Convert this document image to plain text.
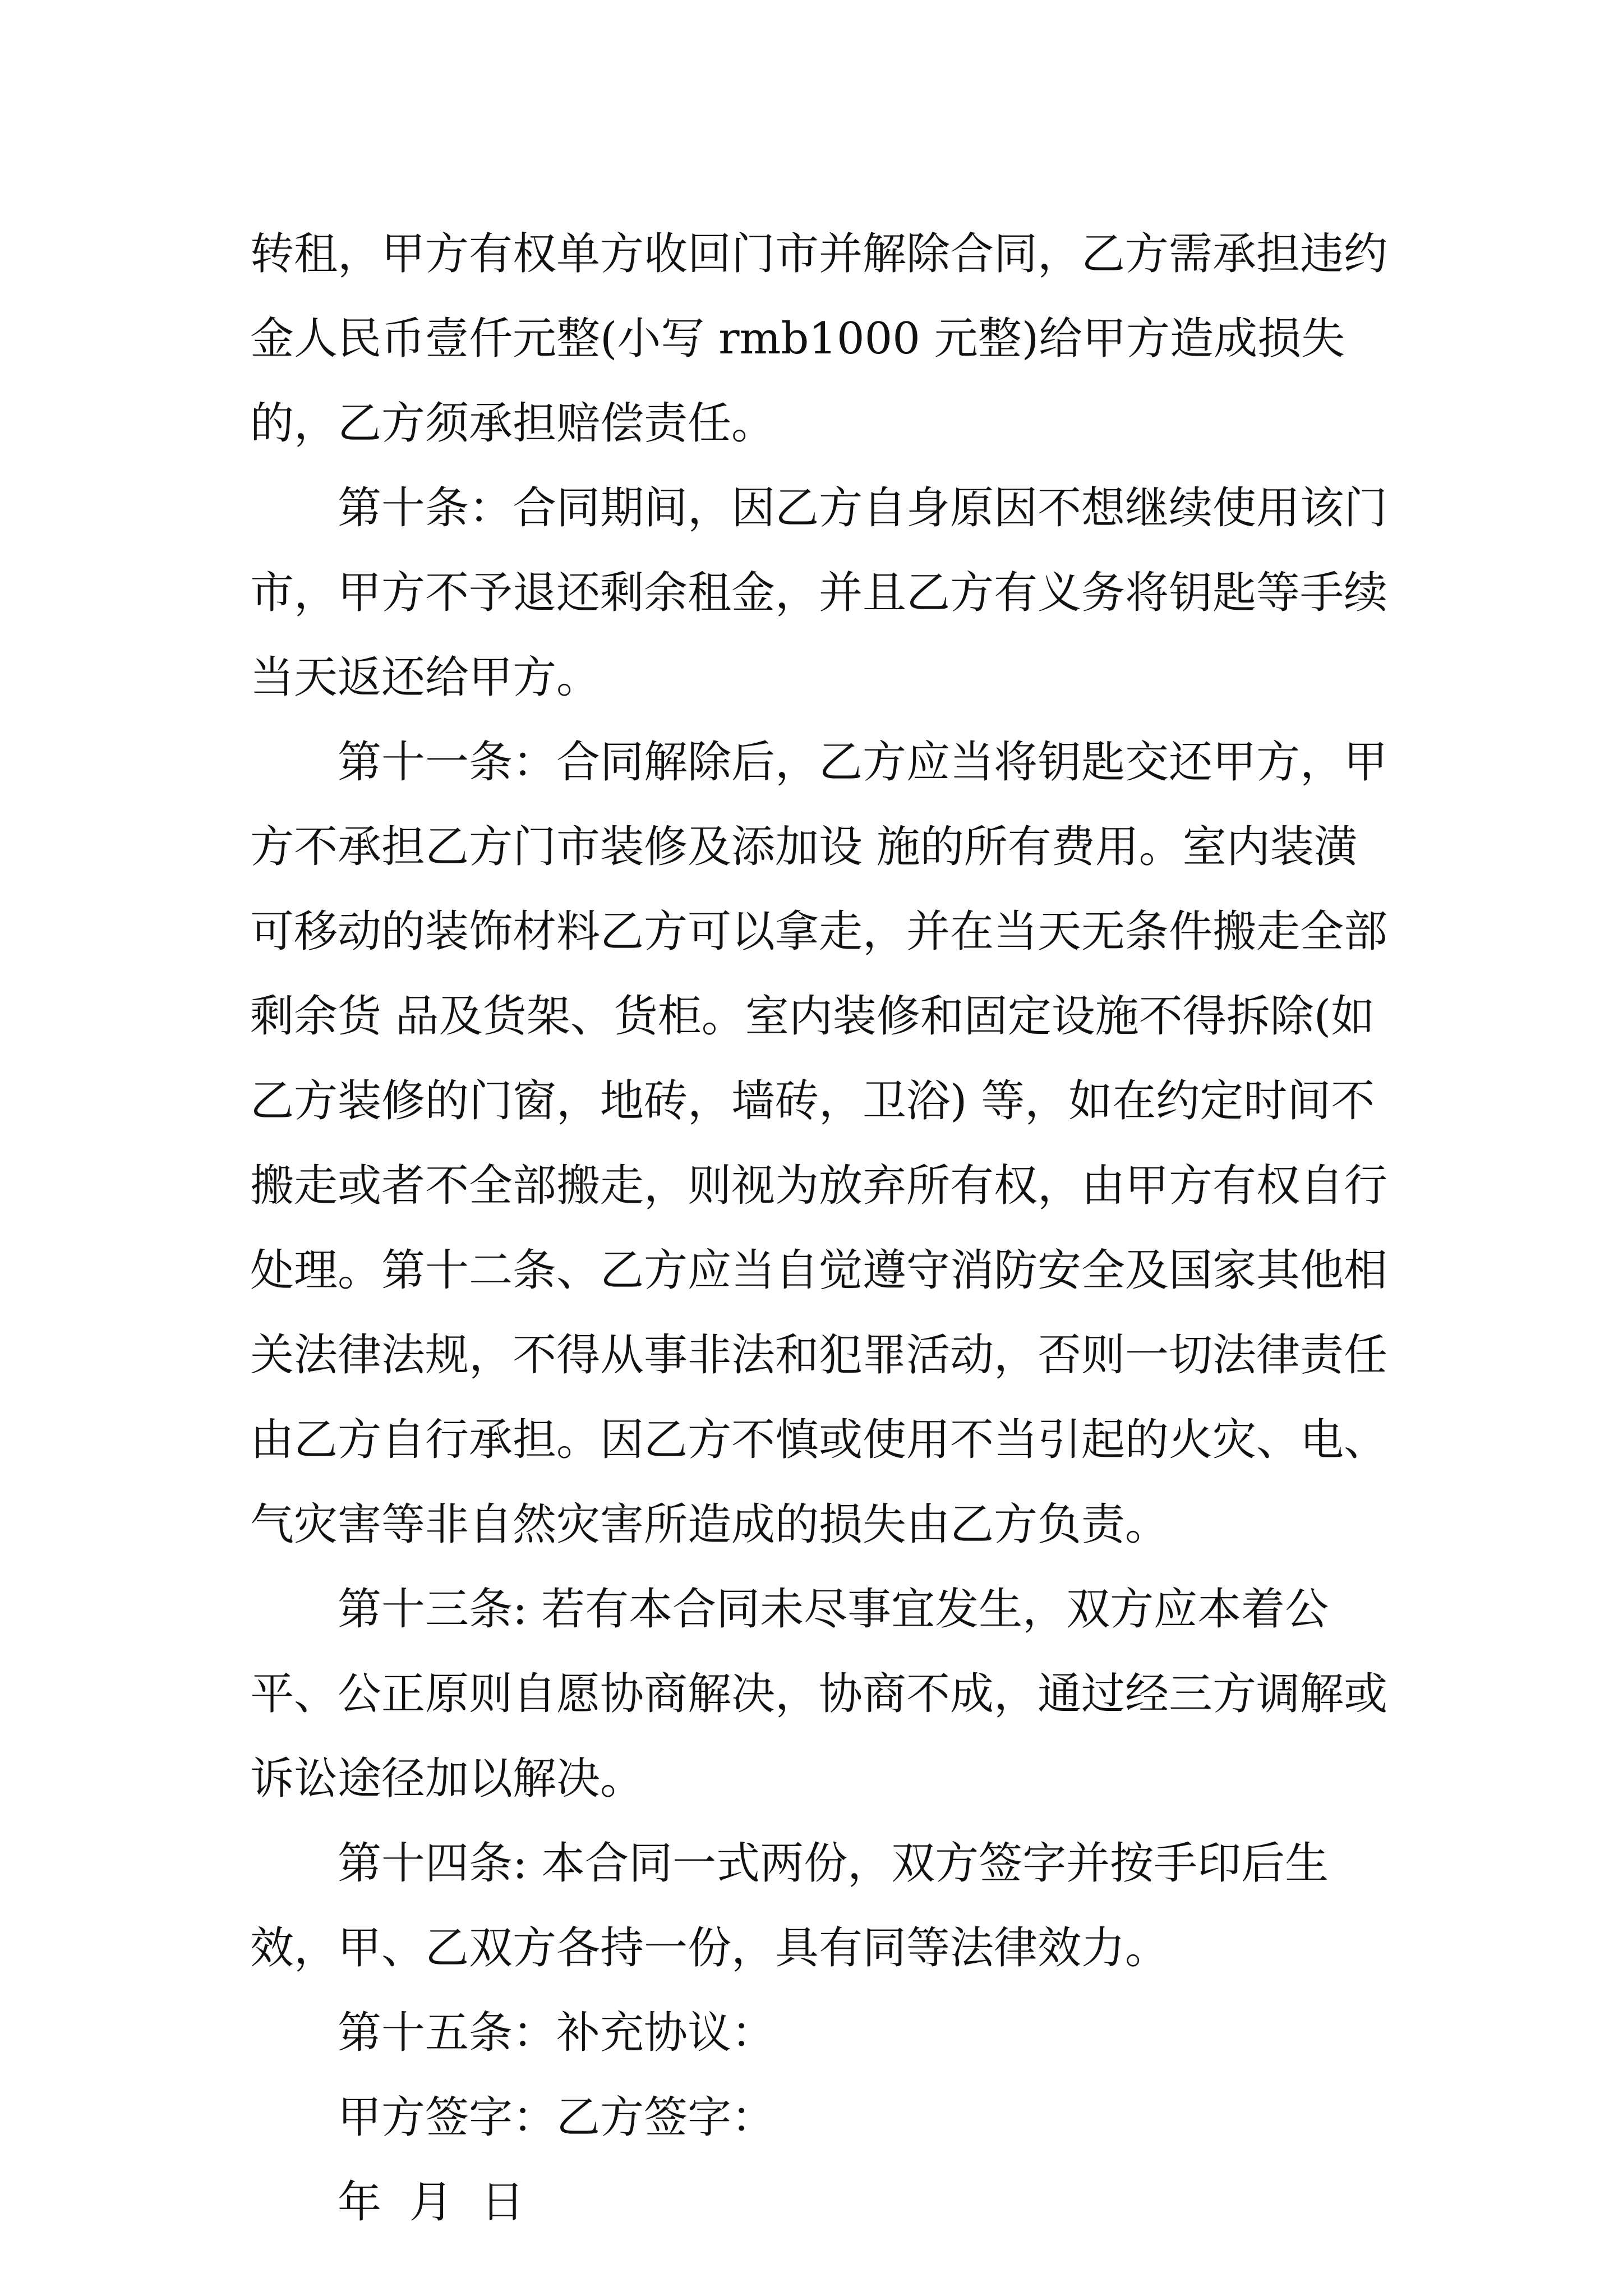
转租，甲方有权单方收回门市并解除合同，乙方需承担违约金人民币壹仟元整(小写 rmb1000 元整)给甲方造成损失的，乙方须承担赔偿责任。

第十条：合同期间，因乙方自身原因不想继续使用该门市，甲方不予退还剩余租金，并且乙方有义务将钥匙等手续当天返还给甲方。

第十一条：合同解除后，乙方应当将钥匙交还甲方，甲方不承担乙方门市装修及添加设 施的所有费用。室内装潢可移动的装饰材料乙方可以拿走，并在当天无条件搬走全部剩余货 品及货架、货柜。室内装修和固定设施不得拆除(如乙方装修的门窗，地砖，墙砖，卫浴) 等，如在约定时间不搬走或者不全部搬走，则视为放弃所有权，由甲方有权自行处理。第十二条、乙方应当自觉遵守消防安全及国家其他相关法律法规，不得从事非法和犯罪活动，否则一切法律责任由乙方自行承担。因乙方不慎或使用不当引起的火灾、电、气灾害等非自然灾害所造成的损失由乙方负责。

第十三条: 若有本合同未尽事宜发生，双方应本着公平、公正原则自愿协商解决，协商不成，通过经三方调解或诉讼途径加以解决。

第十四条: 本合同一式两份，双方签字并按手印后生效，甲、乙双方各持一份，具有同等法律效力。

第十五条：补充协议：

甲方签字：乙方签字：

年  月  日
